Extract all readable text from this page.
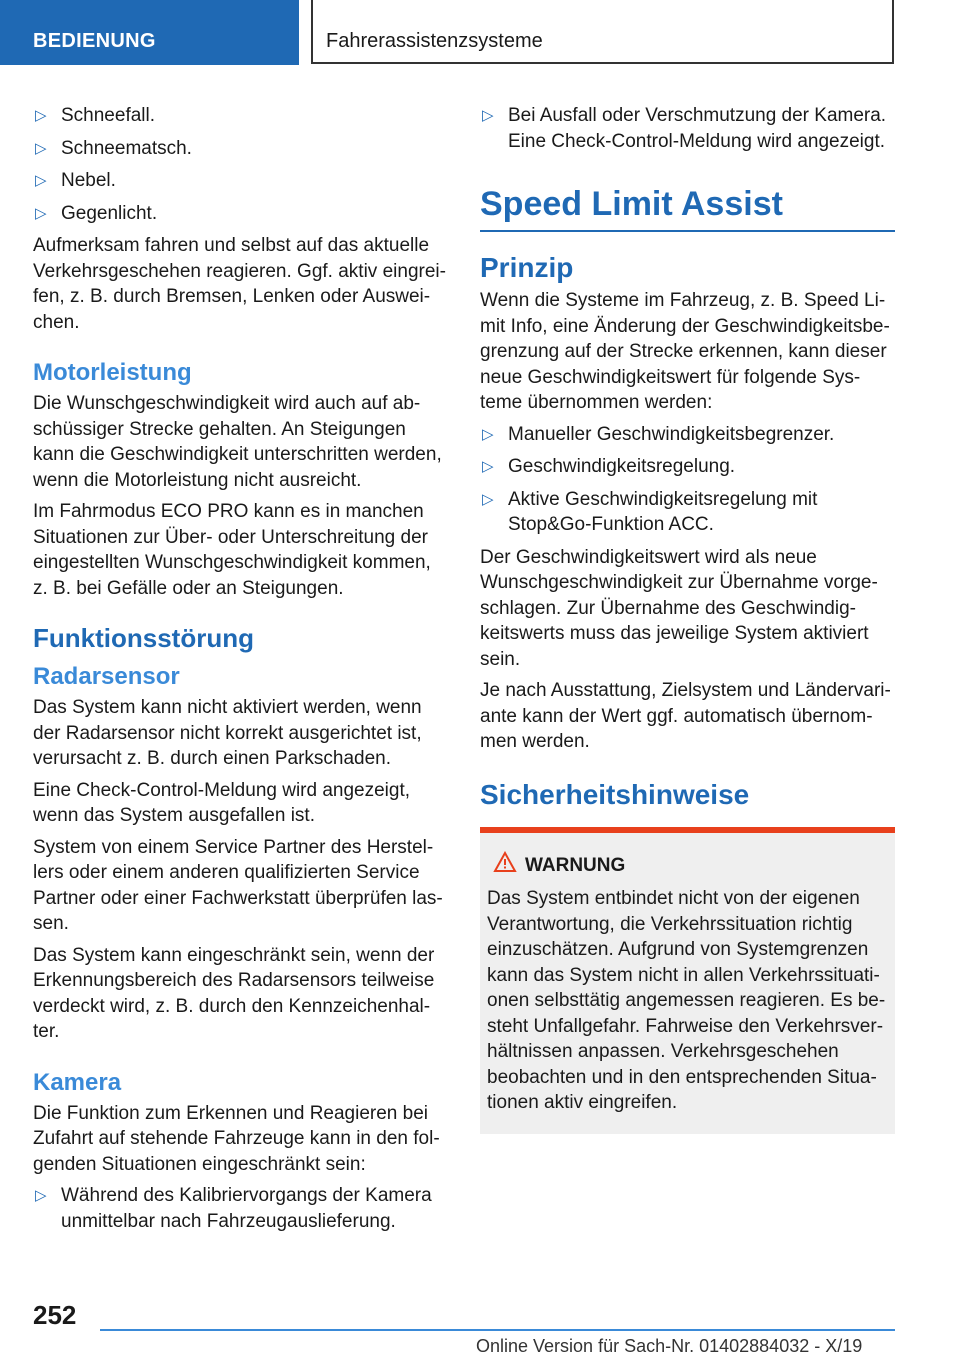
BEDIENUNG	Fahrerassistenzsysteme
▷ Schneefall.
▷ Schneematsch.
▷ Nebel.
▷ Gegenlicht.

Aufmerksam fahren und selbst auf das aktuelle Verkehrsgeschehen reagieren. Ggf. aktiv eingrei-fen, z. B. durch Bremsen, Lenken oder Auswei-chen.

Motorleistung

Die Wunschgeschwindigkeit wird auch auf ab-schüssiger Strecke gehalten. An Steigungen kann die Geschwindigkeit unterschritten werden, wenn die Motorleistung nicht ausreicht.

Im Fahrmodus ECO PRO kann es in manchen Situationen zur Über- oder Unterschreitung der eingestellten Wunschgeschwindigkeit kommen, z. B. bei Gefälle oder an Steigungen.

Funktionsstörung
Radarsensor

Das System kann nicht aktiviert werden, wenn der Radarsensor nicht korrekt ausgerichtet ist, verursacht z. B. durch einen Parkschaden.

Eine Check-Control-Meldung wird angezeigt, wenn das System ausgefallen ist.

System von einem Service Partner des Herstel-lers oder einem anderen qualifizierten Service Partner oder einer Fachwerkstatt überprüfen las-sen.

Das System kann eingeschränkt sein, wenn der Erkennungsbereich des Radarsensors teilweise verdeckt wird, z. B. durch den Kennzeichenhal-ter.

Kamera

Die Funktion zum Erkennen und Reagieren bei Zufahrt auf stehende Fahrzeuge kann in den fol-genden Situationen eingeschränkt sein:

▷ Während des Kalibriervorgangs der Kamera unmittelbar nach Fahrzeugauslieferung.
▷ Bei Ausfall oder Verschmutzung der Kamera. Eine Check-Control-Meldung wird angezeigt.
Speed Limit Assist
Prinzip

Wenn die Systeme im Fahrzeug, z. B. Speed Li-mit Info, eine Änderung der Geschwindigkeitsbe-grenzung auf der Strecke erkennen, kann dieser neue Geschwindigkeitswert für folgende Sys-teme übernommen werden:

▷ Manueller Geschwindigkeitsbegrenzer.
▷ Geschwindigkeitsregelung.
▷ Aktive Geschwindigkeitsregelung mit Stop&Go-Funktion ACC.

Der Geschwindigkeitswert wird als neue Wunschgeschwindigkeit zur Übernahme vorge-schlagen. Zur Übernahme des Geschwindig-keitswerts muss das jeweilige System aktiviert sein.

Je nach Ausstattung, Zielsystem und Ländervari-ante kann der Wert ggf. automatisch übernom-men werden.

Sicherheitshinweise
WARNUNG

Das System entbindet nicht von der eigenen Verantwortung, die Verkehrssituation richtig einzuschätzen. Aufgrund von Systemgrenzen kann das System nicht in allen Verkehrssituati-onen selbsttätig angemessen reagieren. Es be-steht Unfallgefahr. Fahrweise den Verkehrsver-hältnissen anpassen. Verkehrsgeschehen beobachten und in den entsprechenden Situa-tionen aktiv eingreifen.

252
Online Version für Sach-Nr. 01402884032 - X/19
